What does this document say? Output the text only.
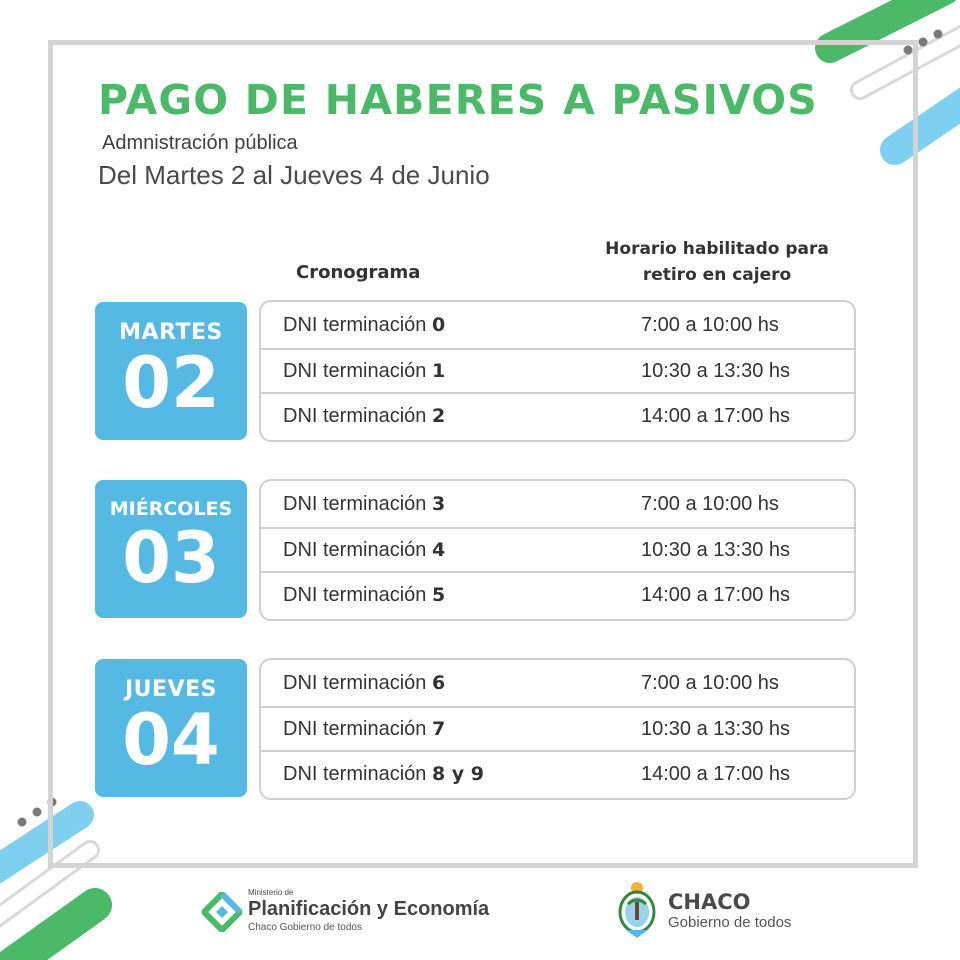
PAGO DE HABERES A PASIVOS
Admnistración pública
Del Martes 2 al Jueves 4 de Junio
Cronograma
Horario habilitado para
retiro en cajero
MARTES
02
DNI terminación 0	7:00 a 10:00 hs
DNI terminación 1	10:30 a 13:30 hs
DNI terminación 2	14:00 a 17:00 hs
MIÉRCOLES
03
DNI terminación 3	7:00 a 10:00 hs
DNI terminación 4	10:30 a 13:30 hs
DNI terminación 5	14:00 a 17:00 hs
JUEVES
04
DNI terminación 6	7:00 a 10:00 hs
DNI terminación 7	10:30 a 13:30 hs
DNI terminación 8 y 9	14:00 a 17:00 hs
Ministerio de
Planificación y Economía
Chaco Gobierno de todos
CHACO
Gobierno de todos
